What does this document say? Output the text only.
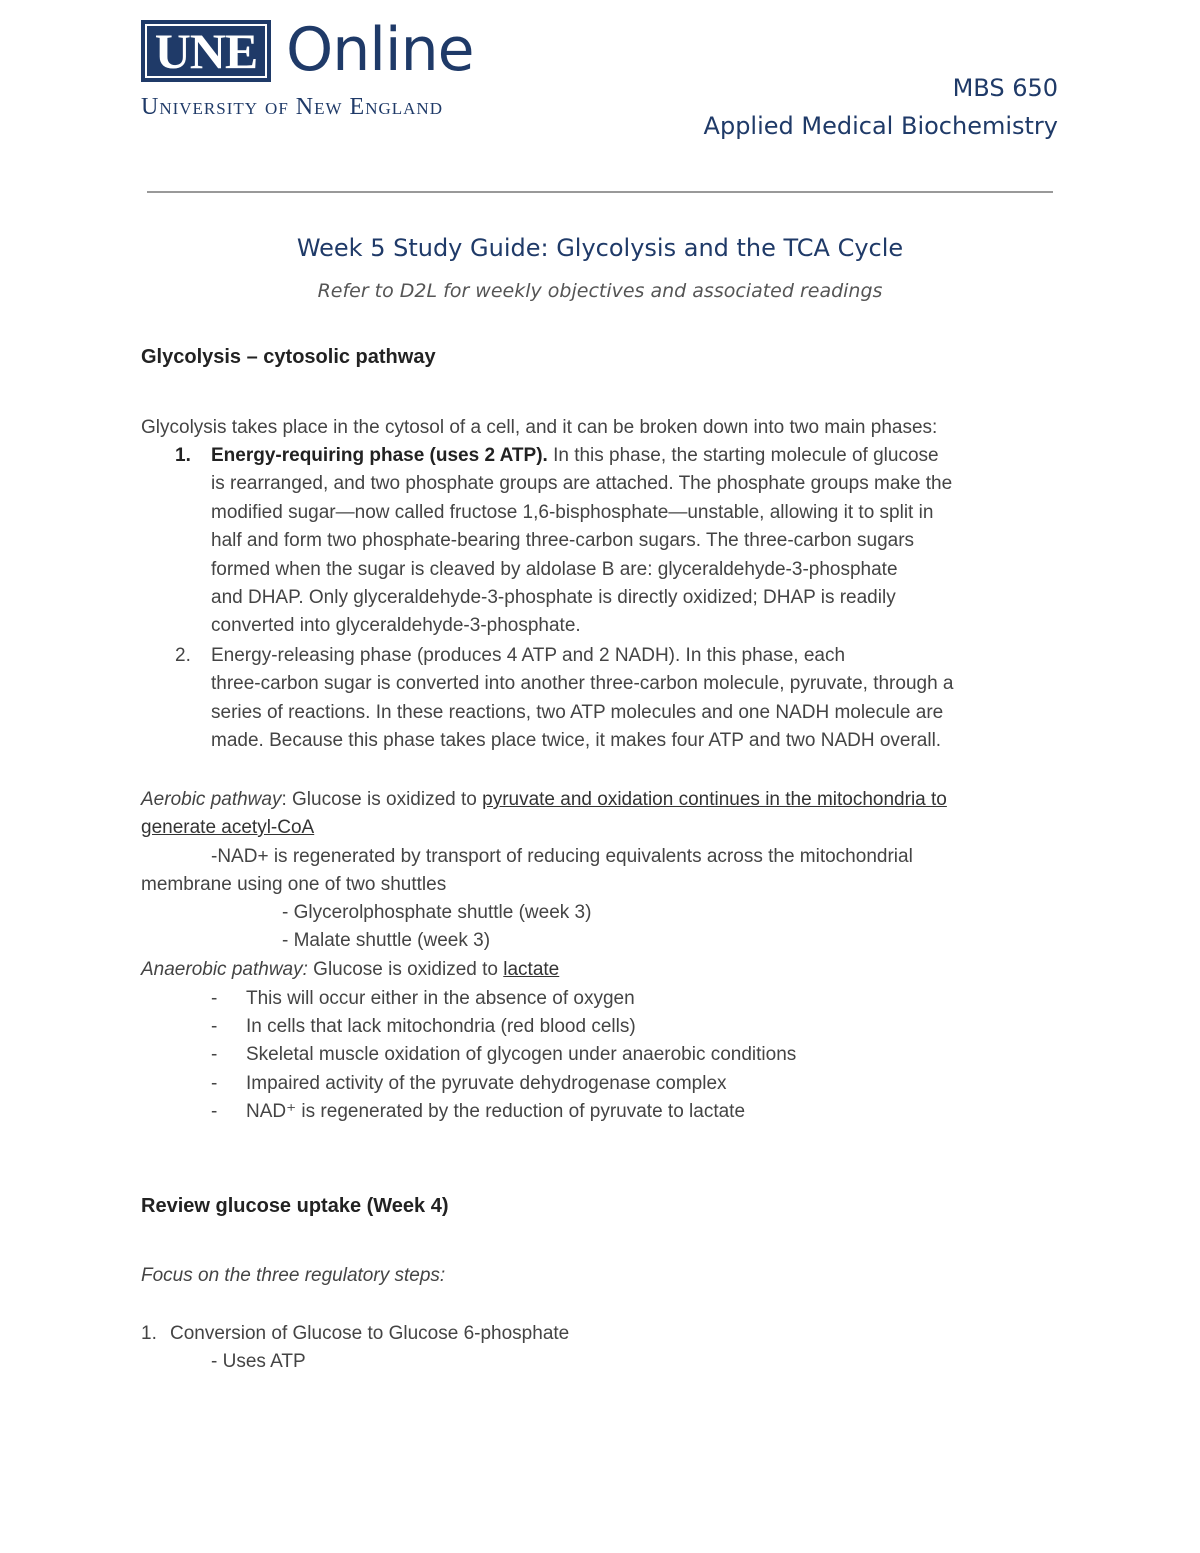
UNE Online
University of New England
MBS 650
Applied Medical Biochemistry
Week 5 Study Guide: Glycolysis and the TCA Cycle
Refer to D2L for weekly objectives and associated readings
Glycolysis – cytosolic pathway
Glycolysis takes place in the cytosol of a cell, and it can be broken down into two main phases:
1. Energy-requiring phase (uses 2 ATP). In this phase, the starting molecule of glucose
is rearranged, and two phosphate groups are attached. The phosphate groups make the
modified sugar—now called fructose 1,6-bisphosphate—unstable, allowing it to split in
half and form two phosphate-bearing three-carbon sugars. The three-carbon sugars
formed when the sugar is cleaved by aldolase B are: glyceraldehyde-3-phosphate
and DHAP. Only glyceraldehyde-3-phosphate is directly oxidized; DHAP is readily
converted into glyceraldehyde-3-phosphate.
2. Energy-releasing phase (produces 4 ATP and 2 NADH). In this phase, each
three-carbon sugar is converted into another three-carbon molecule, pyruvate, through a
series of reactions. In these reactions, two ATP molecules and one NADH molecule are
made. Because this phase takes place twice, it makes four ATP and two NADH overall.
Aerobic pathway: Glucose is oxidized to pyruvate and oxidation continues in the mitochondria to
generate acetyl-CoA
-NAD+ is regenerated by transport of reducing equivalents across the mitochondrial
membrane using one of two shuttles
- Glycerolphosphate shuttle (week 3)
- Malate shuttle (week 3)
Anaerobic pathway: Glucose is oxidized to lactate
- This will occur either in the absence of oxygen
- In cells that lack mitochondria (red blood cells)
- Skeletal muscle oxidation of glycogen under anaerobic conditions
- Impaired activity of the pyruvate dehydrogenase complex
- NAD⁺ is regenerated by the reduction of pyruvate to lactate
Review glucose uptake (Week 4)
Focus on the three regulatory steps:
1. Conversion of Glucose to Glucose 6-phosphate
- Uses ATP
